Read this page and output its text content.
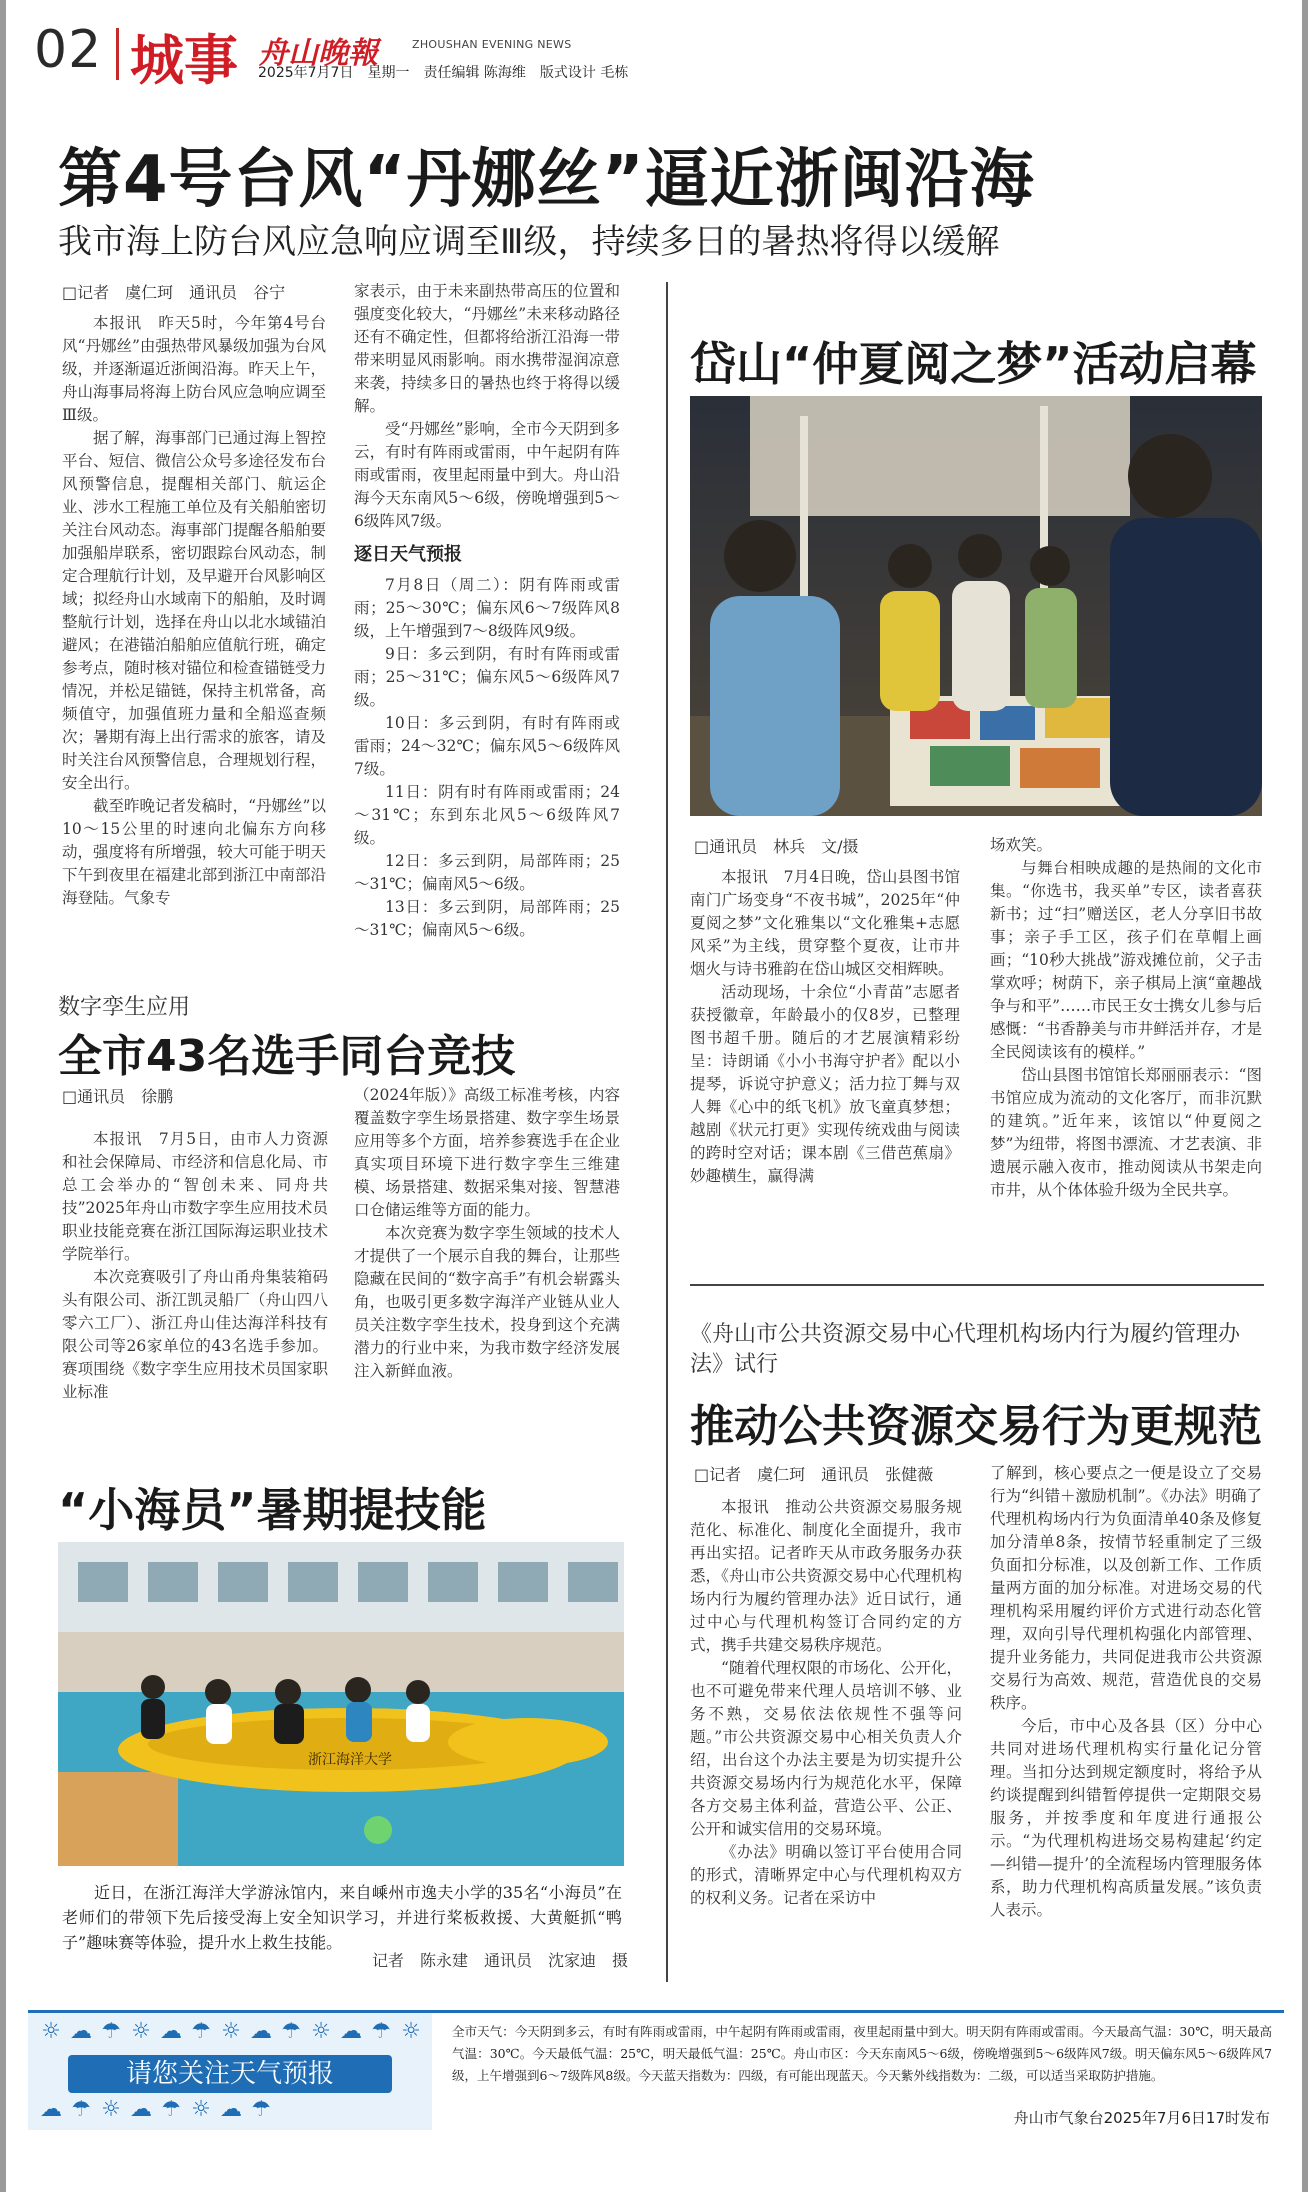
02 城事 舟山晚報	ZHOUSHAN EVENING NEWS
2025年7月7日　星期一　责任编辑 陈海维　版式设计 毛栋
第4号台风“丹娜丝”逼近浙闽沿海
我市海上防台风应急响应调至Ⅲ级，持续多日的暑热将得以缓解
□记者　虞仁珂　通讯员　谷宁

本报讯　昨天5时，今年第4号台风“丹娜丝”由强热带风暴级加强为台风级，并逐渐逼近浙闽沿海。昨天上午，舟山海事局将海上防台风应急响应调至Ⅲ级。

据了解，海事部门已通过海上智控平台、短信、微信公众号多途径发布台风预警信息，提醒相关部门、航运企业、涉水工程施工单位及有关船舶密切关注台风动态。海事部门提醒各船舶要加强船岸联系，密切跟踪台风动态，制定合理航行计划，及早避开台风影响区域；拟经舟山水域南下的船舶，及时调整航行计划，选择在舟山以北水域锚泊避风；在港锚泊船舶应值航行班，确定参考点，随时核对锚位和检查锚链受力情况，并松足锚链，保持主机常备，高频值守，加强值班力量和全船巡查频次；暑期有海上出行需求的旅客，请及时关注台风预警信息，合理规划行程，安全出行。

截至昨晚记者发稿时，“丹娜丝”以10～15公里的时速向北偏东方向移动，强度将有所增强，较大可能于明天下午到夜里在福建北部到浙江中南部沿海登陆。气象专

家表示，由于未来副热带高压的位置和强度变化较大，“丹娜丝”未来移动路径还有不确定性，但都将给浙江沿海一带带来明显风雨影响。雨水携带湿润凉意来袭，持续多日的暑热也终于将得以缓解。

受“丹娜丝”影响，全市今天阴到多云，有时有阵雨或雷雨，中午起阴有阵雨或雷雨，夜里起雨量中到大。舟山沿海今天东南风5～6级，傍晚增强到5～6级阵风7级。

逐日天气预报

7月8日（周二）：阴有阵雨或雷雨；25～30℃；偏东风6～7级阵风8级，上午增强到7～8级阵风9级。

9日：多云到阴，有时有阵雨或雷雨；25～31℃；偏东风5～6级阵风7级。

10日：多云到阴，有时有阵雨或雷雨；24～32℃；偏东风5～6级阵风7级。

11日：阴有时有阵雨或雷雨；24～31℃；东到东北风5～6级阵风7级。

12日：多云到阴，局部阵雨；25～31℃；偏南风5～6级。

13日：多云到阴，局部阵雨；25～31℃；偏南风5～6级。

岱山“仲夏阅之梦”活动启幕
□通讯员　林兵　文/摄

本报讯　7月4日晚，岱山县图书馆南门广场变身“不夜书城”，2025年“仲夏阅之梦”文化雅集以“文化雅集+志愿风采”为主线，贯穿整个夏夜，让市井烟火与诗书雅韵在岱山城区交相辉映。

活动现场，十余位“小青苗”志愿者获授徽章，年龄最小的仅8岁，已整理图书超千册。随后的才艺展演精彩纷呈：诗朗诵《小小书海守护者》配以小提琴，诉说守护意义；活力拉丁舞与双人舞《心中的纸飞机》放飞童真梦想；越剧《状元打更》实现传统戏曲与阅读的跨时空对话；课本剧《三借芭蕉扇》妙趣横生，赢得满

场欢笑。

与舞台相映成趣的是热闹的文化市集。“你选书，我买单”专区，读者喜获新书；过“扫”赠送区，老人分享旧书故事；亲子手工区，孩子们在草帽上画画；“10秒大挑战”游戏摊位前，父子击掌欢呼；树荫下，亲子棋局上演“童趣战争与和平”……市民王女士携女儿参与后感慨：“书香静美与市井鲜活并存，才是全民阅读该有的模样。”

岱山县图书馆馆长郑丽丽表示：“图书馆应成为流动的文化客厅，而非沉默的建筑。”近年来，该馆以“仲夏阅之梦”为纽带，将图书漂流、才艺表演、非遗展示融入夜市，推动阅读从书架走向市井，从个体体验升级为全民共享。

《舟山市公共资源交易中心代理机构场内行为履约管理办法》试行
推动公共资源交易行为更规范
□记者　虞仁珂　通讯员　张健薇

本报讯　推动公共资源交易服务规范化、标准化、制度化全面提升，我市再出实招。记者昨天从市政务服务办获悉，《舟山市公共资源交易中心代理机构场内行为履约管理办法》近日试行，通过中心与代理机构签订合同约定的方式，携手共建交易秩序规范。

“随着代理权限的市场化、公开化，也不可避免带来代理人员培训不够、业务不熟，交易依法依规性不强等问题。”市公共资源交易中心相关负责人介绍，出台这个办法主要是为切实提升公共资源交易场内行为规范化水平，保障各方交易主体利益，营造公平、公正、公开和诚实信用的交易环境。

《办法》明确以签订平台使用合同的形式，清晰界定中心与代理机构双方的权利义务。记者在采访中

了解到，核心要点之一便是设立了交易行为“纠错＋激励机制”。《办法》明确了代理机构场内行为负面清单40条及修复加分清单8条，按情节轻重制定了三级负面扣分标准，以及创新工作、工作质量两方面的加分标准。对进场交易的代理机构采用履约评价方式进行动态化管理，双向引导代理机构强化内部管理、提升业务能力，共同促进我市公共资源交易行为高效、规范，营造优良的交易秩序。

今后，市中心及各县（区）分中心共同对进场代理机构实行量化记分管理。当扣分达到规定额度时，将给予从约谈提醒到纠错暂停提供一定期限交易服务，并按季度和年度进行通报公示。“为代理机构进场交易构建起‘约定—纠错—提升’的全流程场内管理服务体系，助力代理机构高质量发展。”该负责人表示。

数字孪生应用
全市43名选手同台竞技
□通讯员　徐鹏

本报讯　7月5日，由市人力资源和社会保障局、市经济和信息化局、市总工会举办的“智创未来、同舟共技”2025年舟山市数字孪生应用技术员职业技能竞赛在浙江国际海运职业技术学院举行。

本次竞赛吸引了舟山甬舟集装箱码头有限公司、浙江凯灵船厂（舟山四八零六工厂）、浙江舟山佳达海洋科技有限公司等26家单位的43名选手参加。赛项围绕《数字孪生应用技术员国家职业标准

（2024年版）》高级工标准考核，内容覆盖数字孪生场景搭建、数字孪生场景应用等多个方面，培养参赛选手在企业真实项目环境下进行数字孪生三维建模、场景搭建、数据采集对接、智慧港口仓储运维等方面的能力。

本次竞赛为数字孪生领域的技术人才提供了一个展示自我的舞台，让那些隐藏在民间的“数字高手”有机会崭露头角，也吸引更多数字海洋产业链从业人员关注数字孪生技术，投身到这个充满潜力的行业中来，为我市数字经济发展注入新鲜血液。

“小海员”暑期提技能
浙江海洋大学
近日，在浙江海洋大学游泳馆内，来自嵊州市逸夫小学的35名“小海员”在老师们的带领下先后接受海上安全知识学习，并进行桨板救援、大黄艇抓“鸭子”趣味赛等体验，提升水上救生技能。
记者　陈永建　通讯员　沈家迪　摄
☼ ☁ ☂ ☼ ☁ ☂ ☼ ☁ ☂ ☼ ☁ ☂ ☼
请您关注天气预报
☁ ☂ ☼ ☁ ☂ ☼ ☁ ☂
全市天气：今天阴到多云，有时有阵雨或雷雨，中午起阴有阵雨或雷雨，夜里起雨量中到大。明天阴有阵雨或雷雨。今天最高气温：30℃，明天最高气温：30℃。今天最低气温：25℃，明天最低气温：25℃。舟山市区：今天东南风5～6级，傍晚增强到5～6级阵风7级。明天偏东风5～6级阵风7级，上午增强到6～7级阵风8级。今天蓝天指数为：四级，有可能出现蓝天。今天紫外线指数为：二级，可以适当采取防护措施。
舟山市气象台2025年7月6日17时发布
